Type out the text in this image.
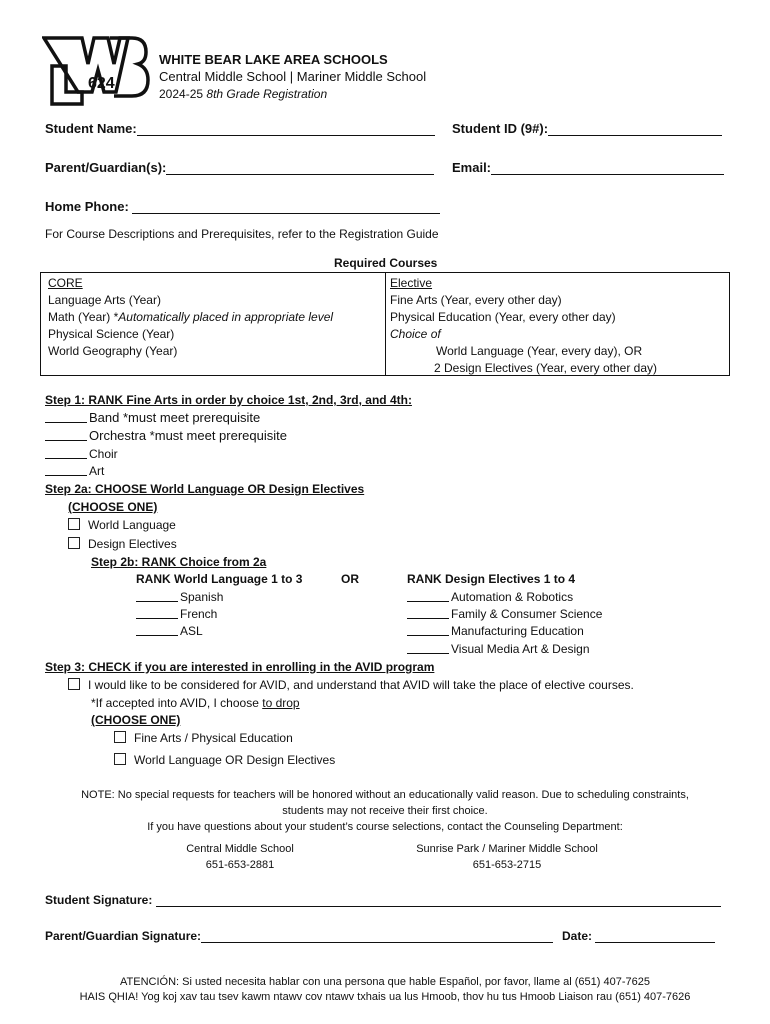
624
WHITE BEAR LAKE AREA SCHOOLS
Central Middle School | Mariner Middle School
2024-25 8th Grade Registration
Student Name:	Student ID (9#):
Parent/Guardian(s):	Email:
Home Phone:
For Course Descriptions and Prerequisites, refer to the Registration Guide
Required Courses
CORE
Language Arts (Year)
Math (Year) *Automatically placed in appropriate level
Physical Science (Year)
World Geography (Year)
Elective
Fine Arts (Year, every other day)
Physical Education (Year, every other day)
Choice of
World Language (Year, every day), OR
2 Design Electives (Year, every other day)
Step 1: RANK Fine Arts in order by choice 1st, 2nd, 3rd, and 4th:
Band *must meet prerequisite
Orchestra *must meet prerequisite
Choir
Art
Step 2a: CHOOSE World Language OR Design Electives
(CHOOSE ONE)
World Language
Design Electives
Step 2b: RANK Choice from 2a
RANK World Language 1 to 3	OR	RANK Design Electives 1 to 4
Spanish
French
ASL
Automation & Robotics
Family & Consumer Science
Manufacturing Education
Visual Media Art & Design
Step 3: CHECK if you are interested in enrolling in the AVID program
I would like to be considered for AVID, and understand that AVID will take the place of elective courses.
*If accepted into AVID, I choose to drop
(CHOOSE ONE)
Fine Arts / Physical Education
World Language OR Design Electives
NOTE: No special requests for teachers will be honored without an educationally valid reason. Due to scheduling constraints,
students may not receive their first choice.
If you have questions about your student’s course selections, contact the Counseling Department:
Central Middle School
651-653-2881
Sunrise Park / Mariner Middle School
651-653-2715
Student Signature:
Parent/Guardian Signature:	Date:
ATENCIÓN: Si usted necesita hablar con una persona que hable Español, por favor, llame al (651) 407-7625
HAIS QHIA! Yog koj xav tau tsev kawm ntawv cov ntawv txhais ua lus Hmoob, thov hu tus Hmoob Liaison rau (651) 407-7626
